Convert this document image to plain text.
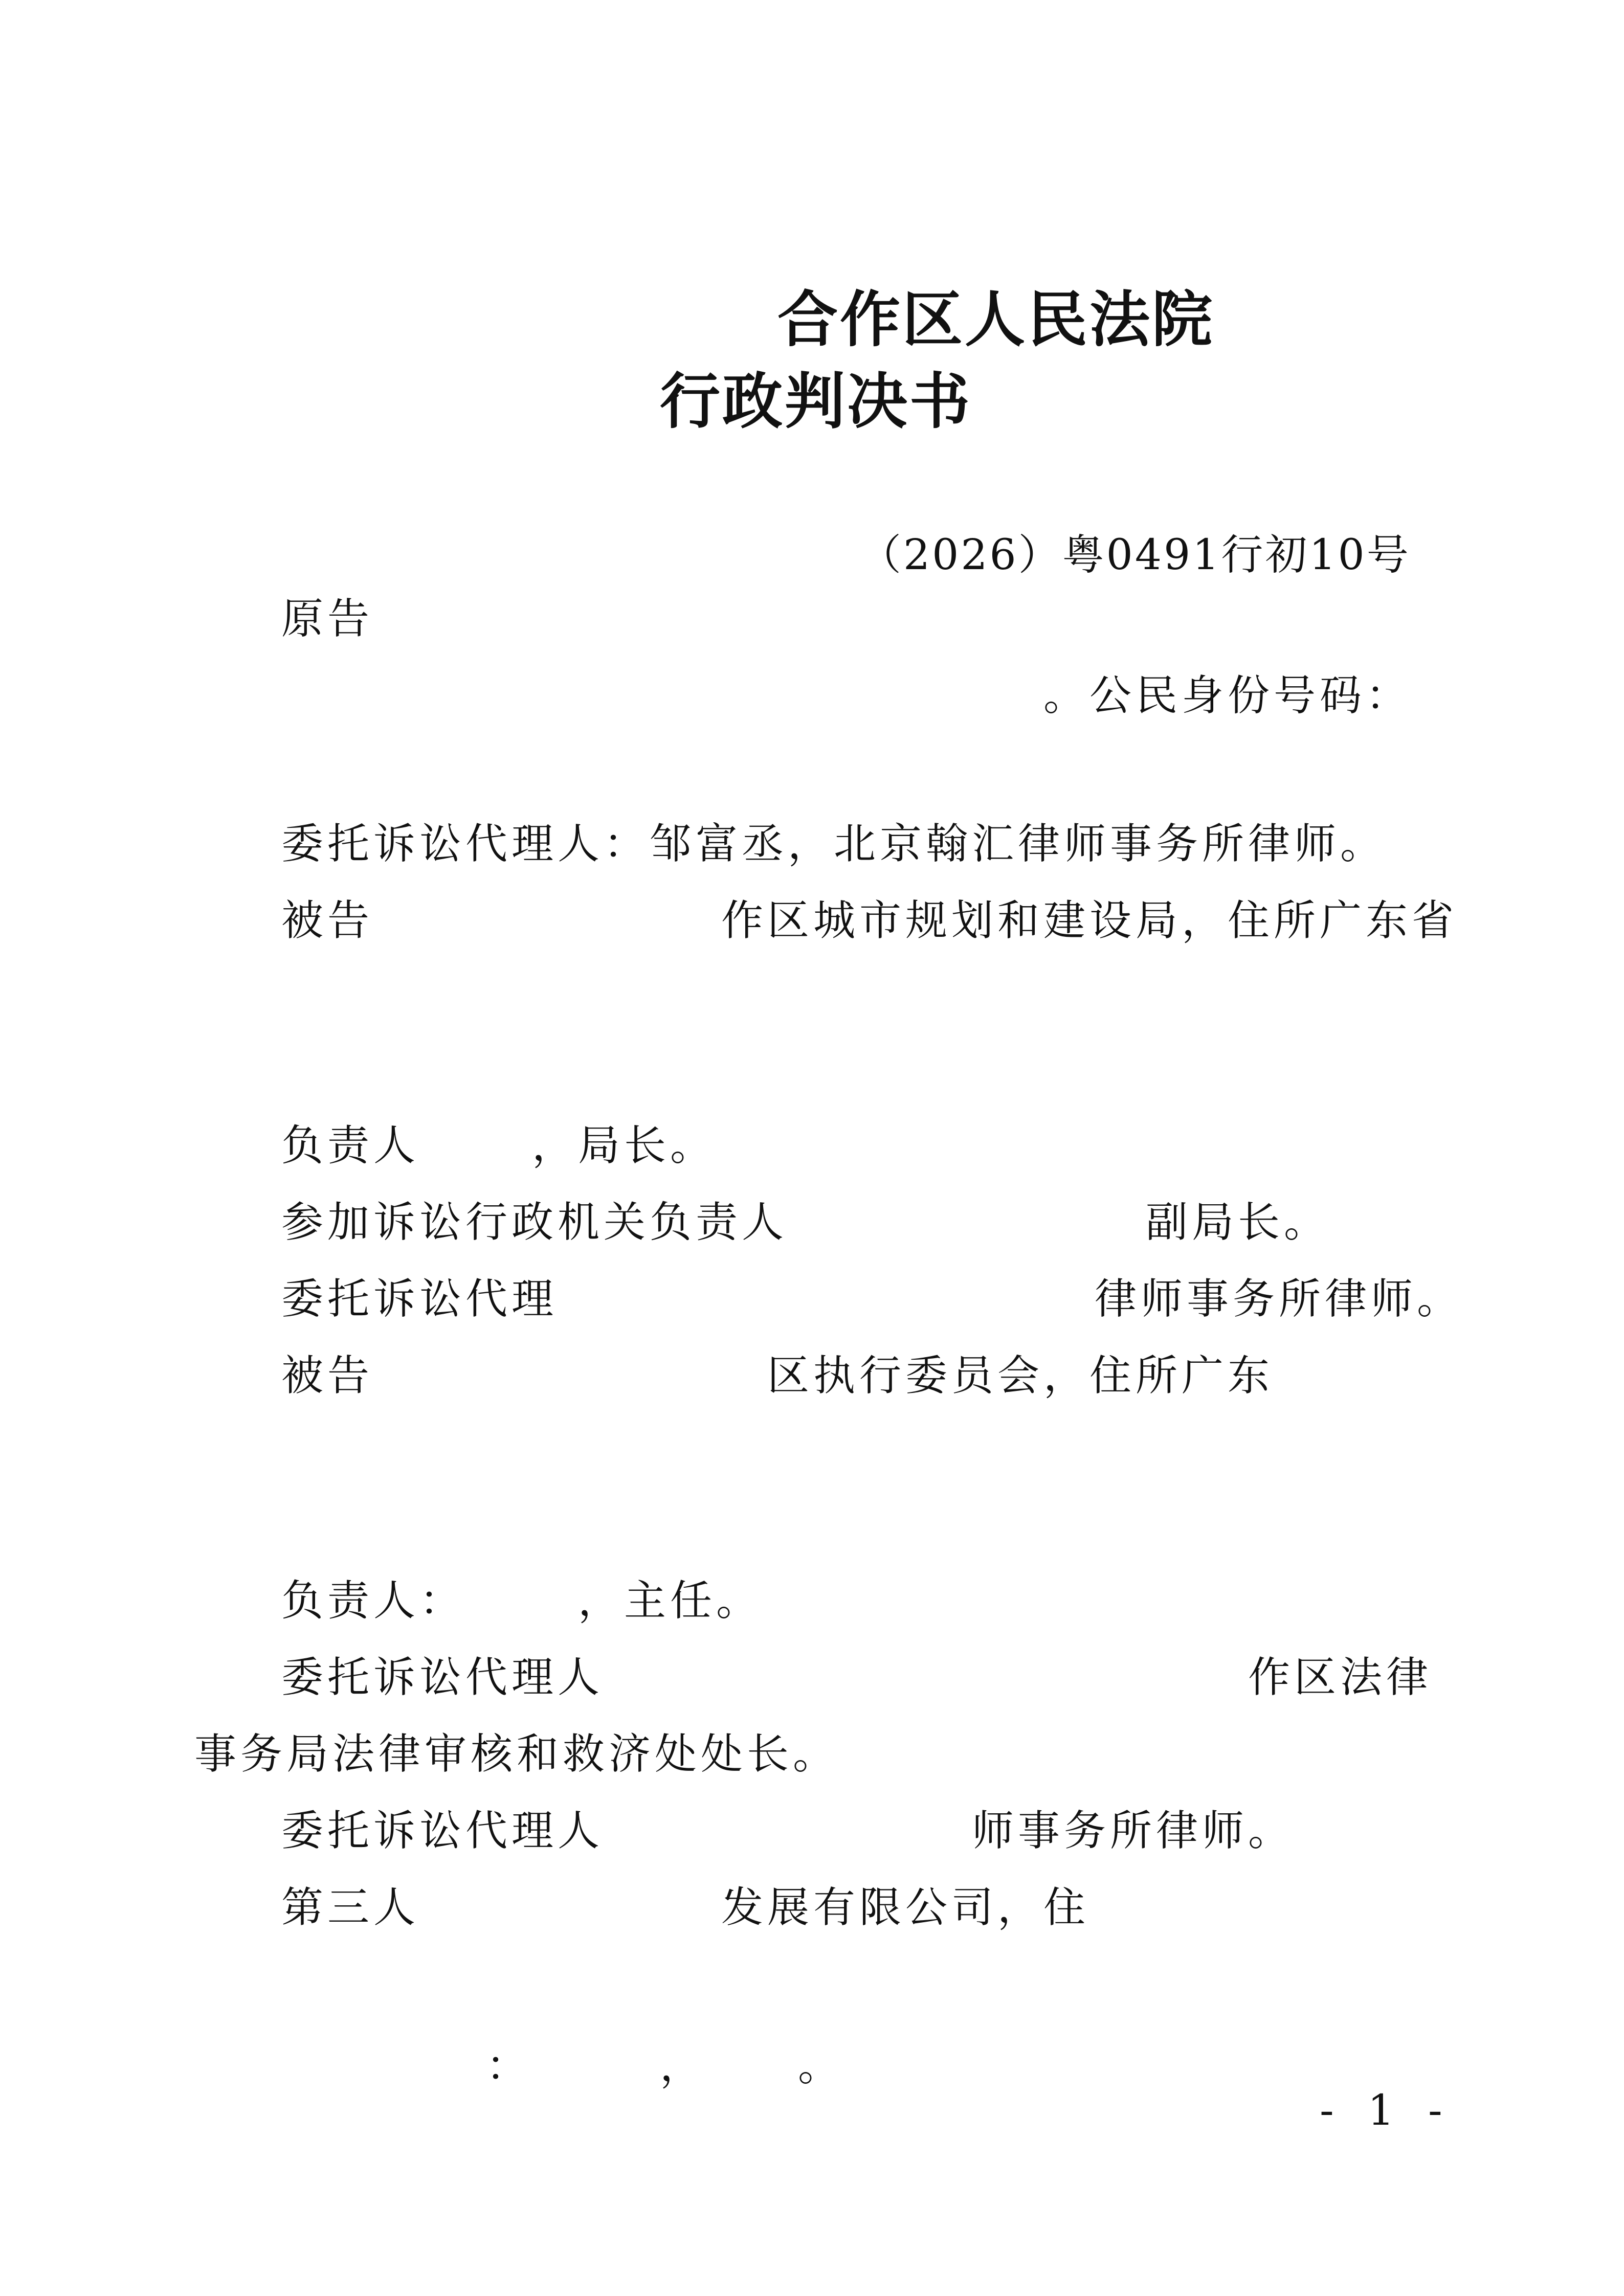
合作区人民法院
行政判决书
（2026）粤0491行初10号
原告
。公民身份号码：
委托诉讼代理人：邹富丞，北京翰汇律师事务所律师。
被告	作区城市规划和建设局，住所广东省
负责人	，局长。
参加诉讼行政机关负责人	副局长。
委托诉讼代理	律师事务所律师。
被告	区执行委员会，住所广东
负责人：	，主任。
委托诉讼代理人	作区法律
事务局法律审核和救济处处长。
委托诉讼代理人	师事务所律师。
第三人	发展有限公司，住
：	， 。
- 1 -
